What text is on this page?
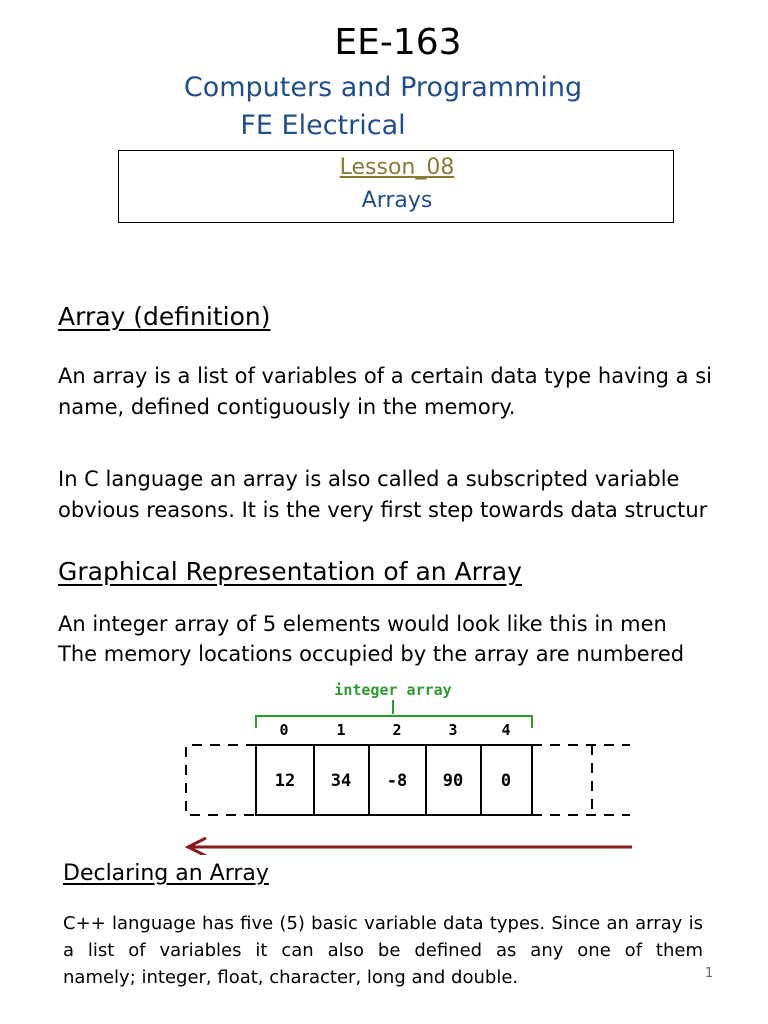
EE-163
Computers and Programming
FE Electrical
Lesson_08
Arrays
Array (definition)
An array is a list of variables of a certain data type having a si
name, defined contiguously in the memory.
In C language an array is also called a subscripted variable
obvious reasons. It is the very first step towards data structur
Graphical Representation of an Array
An integer array of 5 elements would look like this in men
The memory locations occupied by the array are numbered
integer array
0	1	2	3	4
12 34 -8 90 0
Declaring an Array
C++ language has five (5) basic variable data types. Since an array is a list of variables it can also be defined as any one of them
namely; integer, float, character, long and double.	1
